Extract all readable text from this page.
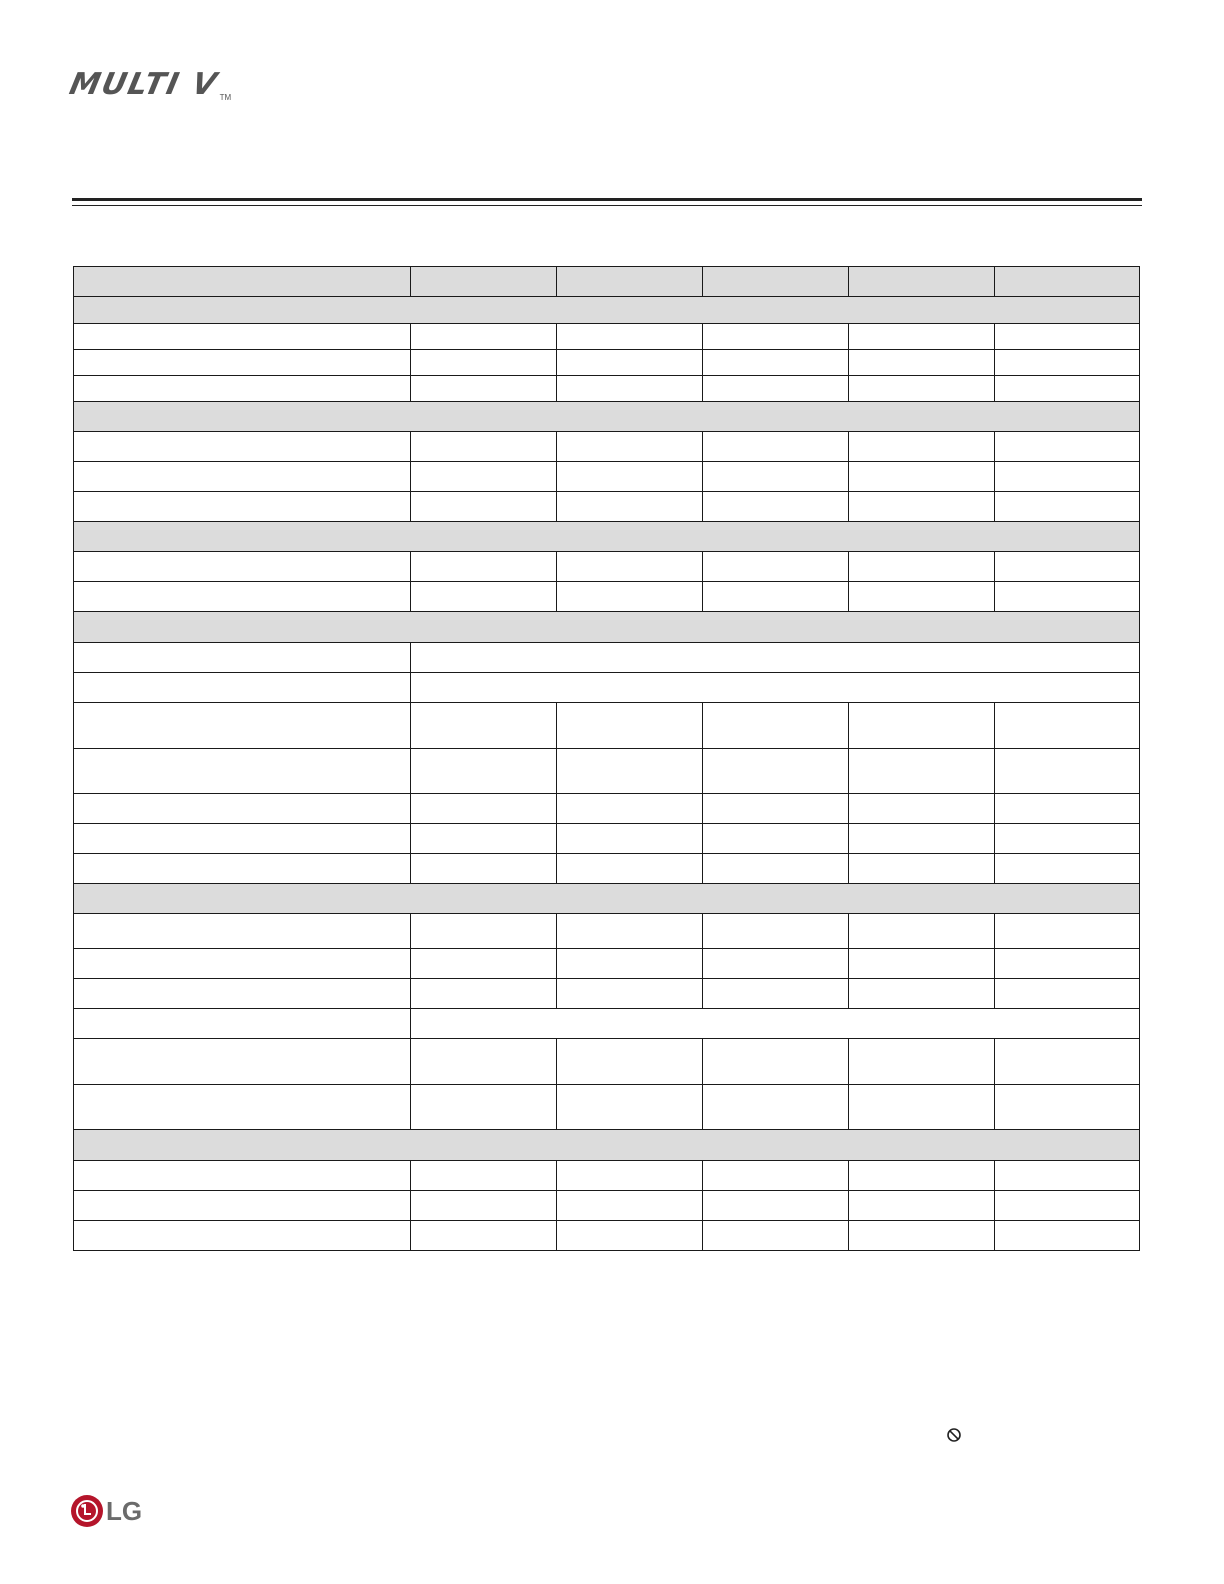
MULTI VTM

LG
